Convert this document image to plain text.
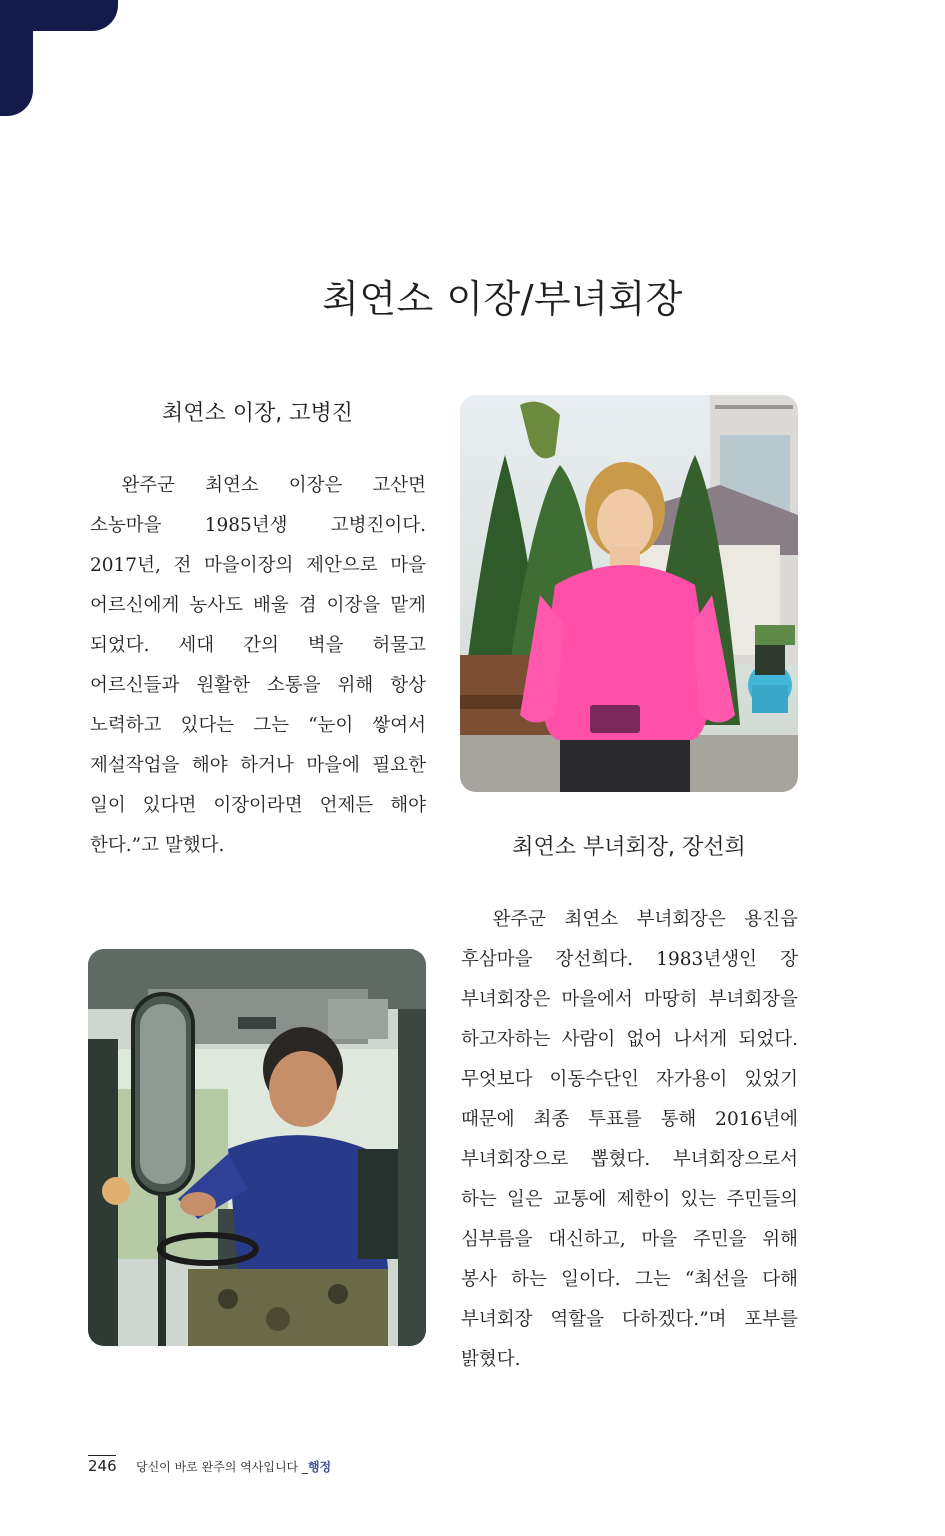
최연소 이장/부녀회장
최연소 이장, 고병진

완주군 최연소 이장은 고산면 소농마을 1985년생 고병진이다. 2017년, 전 마을이장의 제안으로 마을 어르신에게 농사도 배울 겸 이장을 맡게 되었다. 세대 간의 벽을 허물고 어르신들과 원활한 소통을 위해 항상 노력하고 있다는 그는 “눈이 쌓여서 제설작업을 해야 하거나 마을에 필요한 일이 있다면 이장이라면 언제든 해야 한다.”고 말했다.	최연소 부녀회장, 장선희

완주군 최연소 부녀회장은 용진읍 후삼마을 장선희다. 1983년생인 장 부녀회장은 마을에서 마땅히 부녀회장을 하고자하는 사람이 없어 나서게 되었다. 무엇보다 이동수단인 자가용이 있었기 때문에 최종 투표를 통해 2016년에 부녀회장으로 뽑혔다. 부녀회장으로서 하는 일은 교통에 제한이 있는 주민들의 심부름을 대신하고, 마을 주민을 위해 봉사 하는 일이다. 그는 “최선을 다해 부녀회장 역할을 다하겠다.”며 포부를 밝혔다.

246 당신이 바로 완주의 역사입니다 _행정
